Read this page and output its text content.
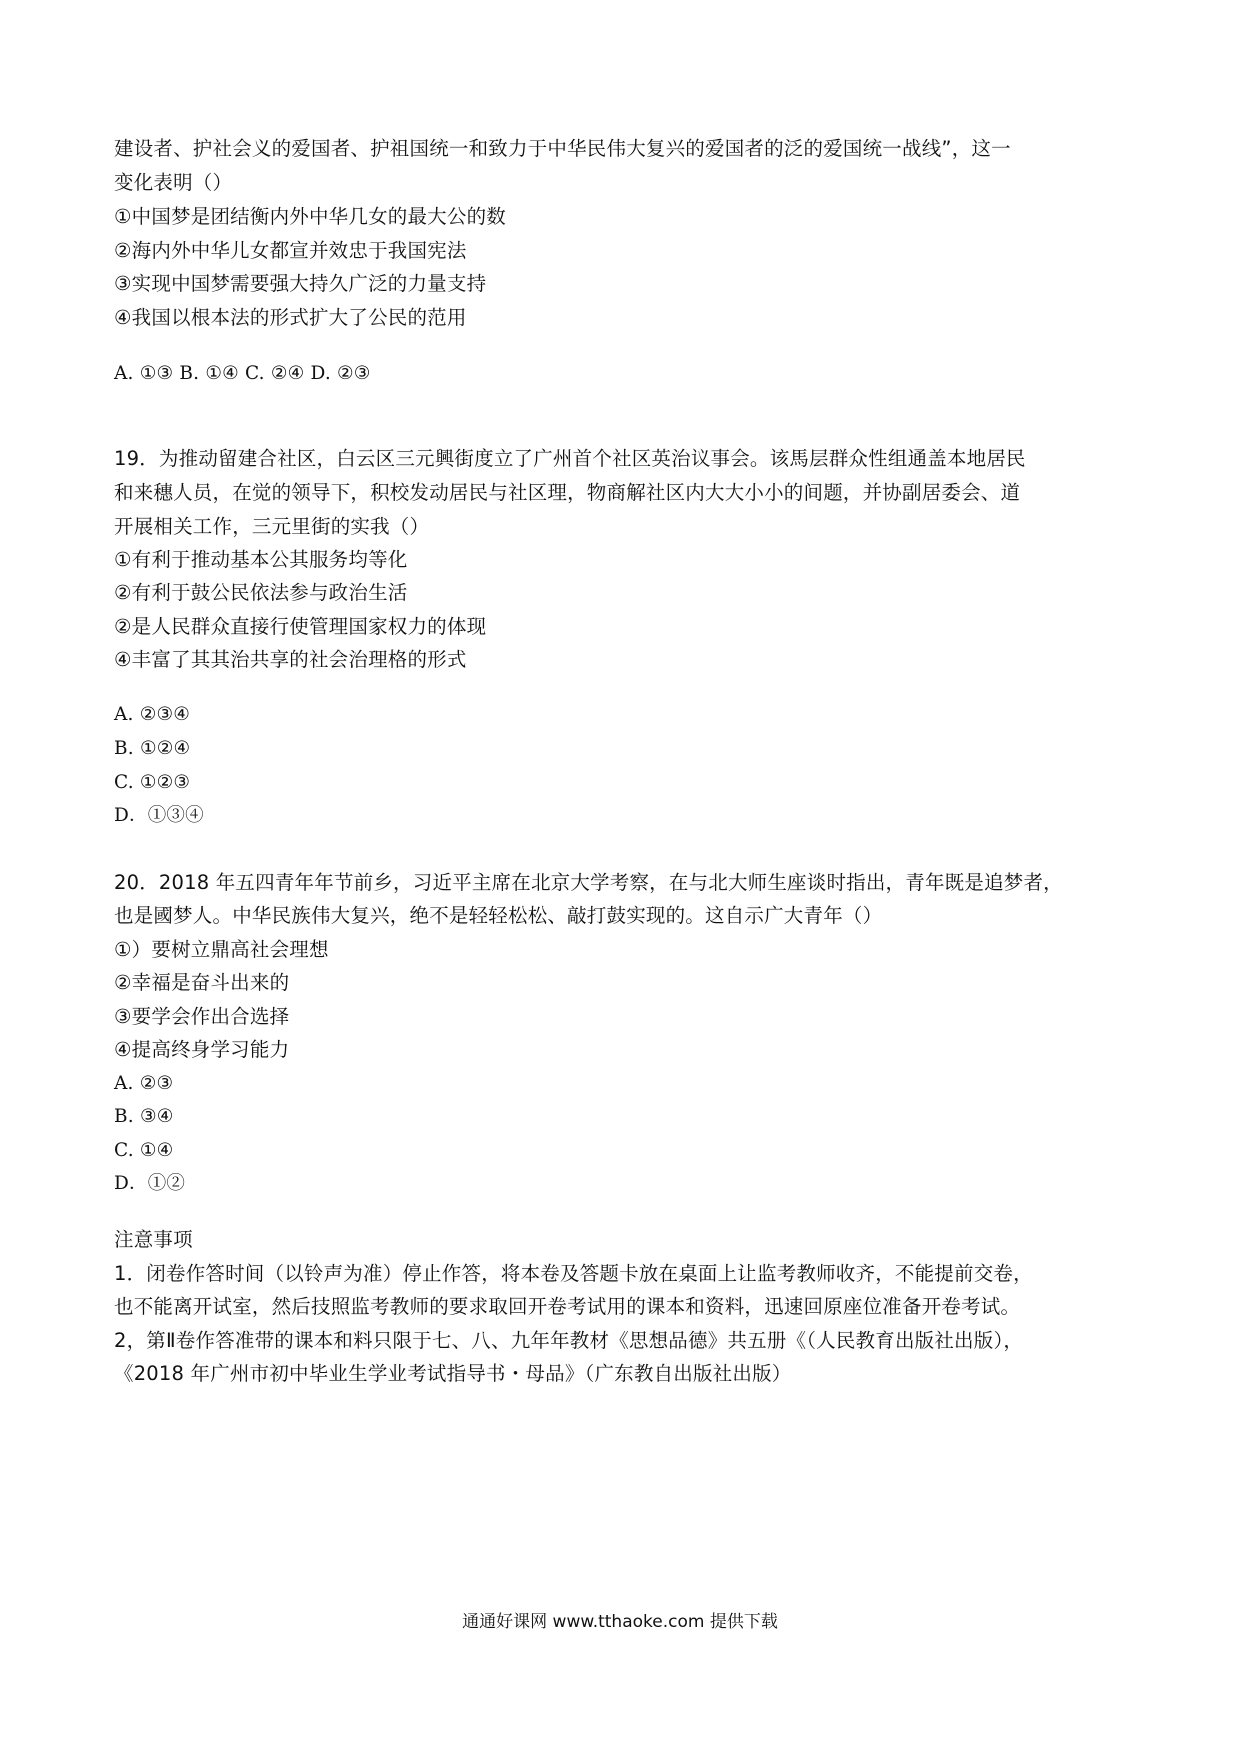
建设者、护社会义的爱国者、护祖国统一和致力于中华民伟大复兴的爱国者的泛的爱国统一战线”，这一
变化表明（）
①中国梦是团结衡内外中华几女的最大公的数
②海内外中华儿女都宣并效忠于我国宪法
③实现中国梦需要强大持久广泛的力量支持
④我国以根本法的形式扩大了公民的范用
A. ①③ B. ①④ C. ②④ D. ②③
19．为推动留建合社区，白云区三元興街度立了广州首个社区英治议事会。该馬层群众性组通盖本地居民
和来穗人员，在觉的领导下，积校发动居民与社区理，物商解社区内大大小小的间题，并协副居委会、道
开展相关工作，三元里街的实我（）
①有利于推动基本公其服务均等化
②有利于鼓公民依法参与政治生活
②是人民群众直接行使管理国家权力的体现
④丰富了其其治共享的社会治理格的形式
A. ②③④
B. ①②④
C. ①②③
D．①③④
20．2018 年五四青年年节前乡，习近平主席在北京大学考察，在与北大师生座谈时指出，青年既是追梦者，
也是國梦人。中华民族伟大复兴，绝不是轻轻松松、敲打鼓实现的。这自示广大青年（）
①）要树立鼎高社会理想
②幸福是奋斗出来的
③要学会作出合选择
④提高终身学习能力
A. ②③
B. ③④
C. ①④
D．①②
注意事项
1．闭卷作答时间（以铃声为准）停止作答，将本卷及答题卡放在桌面上让监考教师收齐，不能提前交卷，
也不能离开试室，然后技照监考教师的要求取回开卷考试用的课本和资料，迅速回原座位准备开卷考试。
2，第Ⅱ卷作答准带的课本和料只限于七、八、九年年教材《思想品德》共五册《（人民教育出版社出版），
《2018 年广州市初中毕业生学业考试指导书・母品》（广东教自出版社出版）
通通好课网 www.tthaoke.com 提供下载
